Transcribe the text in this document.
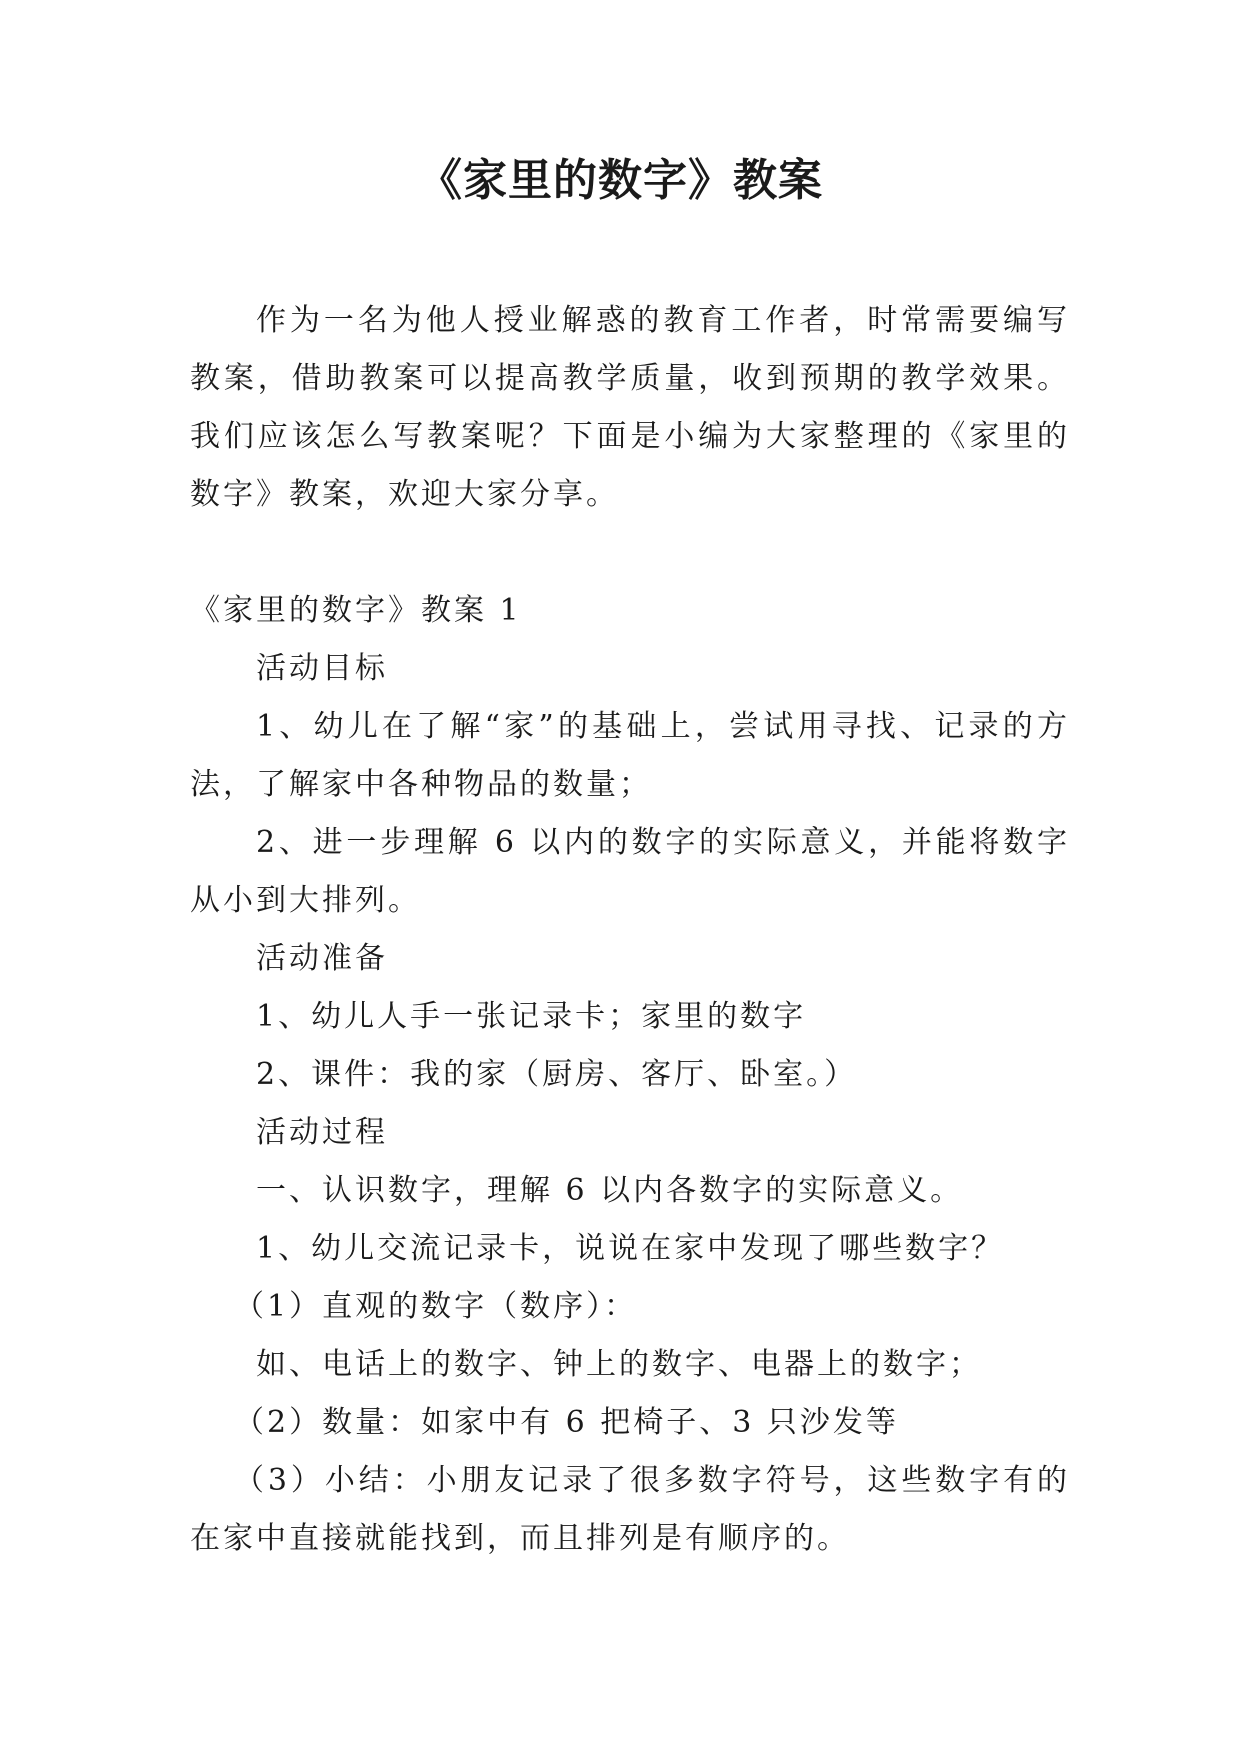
《家里的数字》教案

作为一名为他人授业解惑的教育工作者，时常需要编写教案，借助教案可以提高教学质量，收到预期的教学效果。我们应该怎么写教案呢？下面是小编为大家整理的《家里的数字》教案，欢迎大家分享。

《家里的数字》教案 1

活动目标

1、幼儿在了解“家”的基础上，尝试用寻找、记录的方法，了解家中各种物品的数量；

2、进一步理解 6 以内的数字的实际意义，并能将数字从小到大排列。

活动准备

1、幼儿人手一张记录卡；家里的数字

2、课件：我的家（厨房、客厅、卧室。）

活动过程

一、认识数字，理解 6 以内各数字的实际意义。

1、幼儿交流记录卡，说说在家中发现了哪些数字？

（1）直观的数字（数序）：

如、电话上的数字、钟上的数字、电器上的数字；

（2）数量：如家中有 6 把椅子、3 只沙发等

（3）小结：小朋友记录了很多数字符号，这些数字有的在家中直接就能找到，而且排列是有顺序的。
